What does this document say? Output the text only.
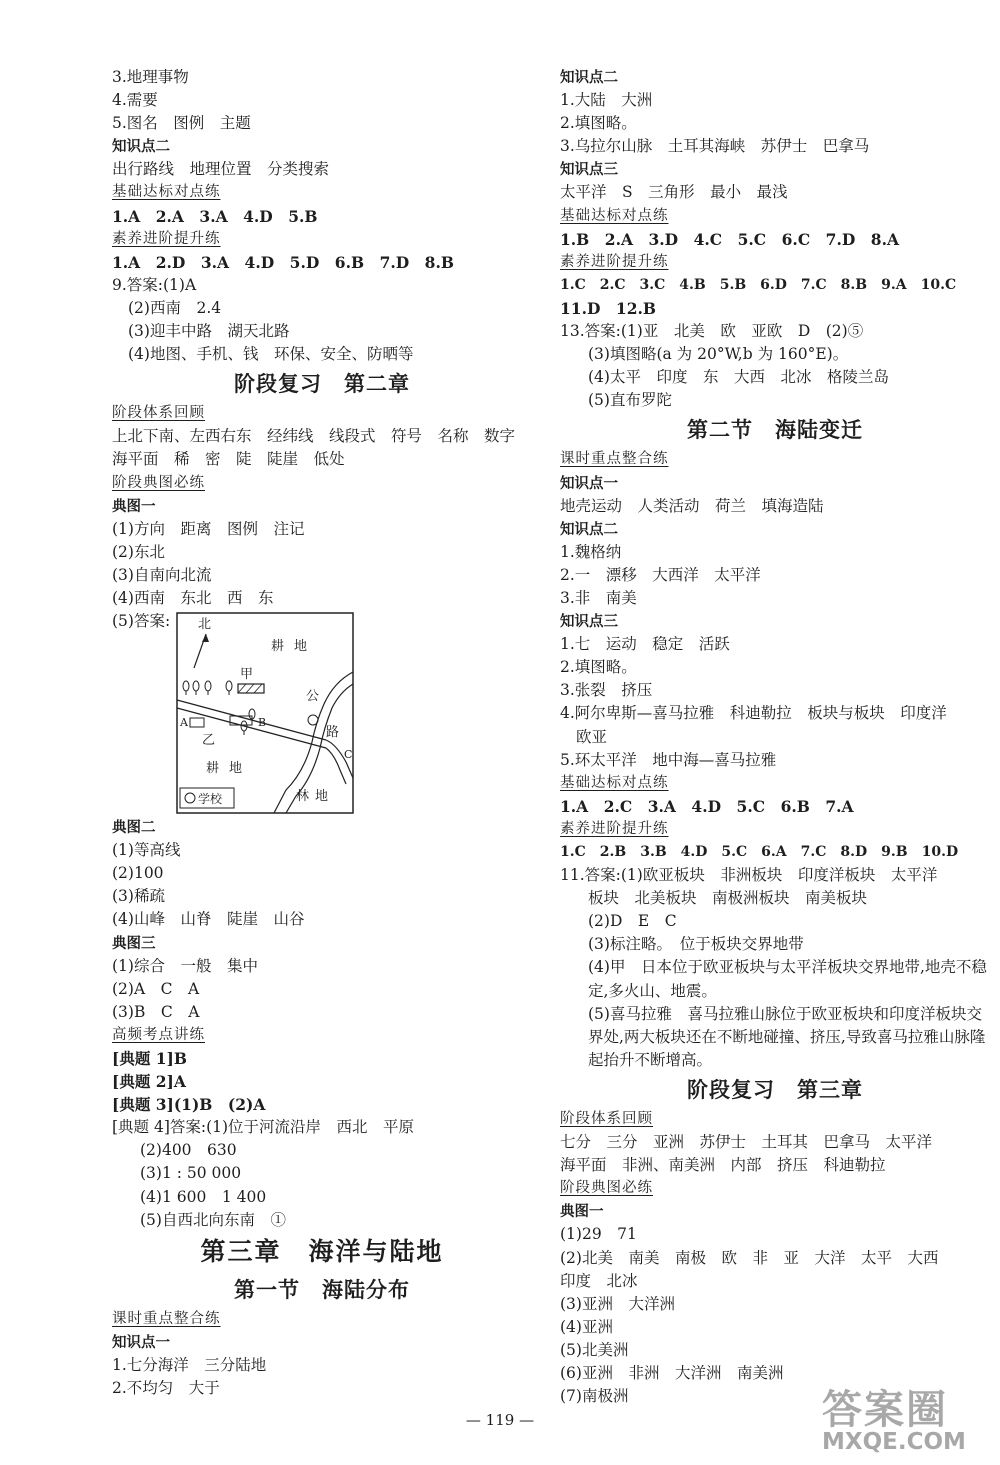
3.地理事物
4.需要
5.图名　图例　主题
知识点二
出行路线　地理位置　分类搜索
基础达标对点练
1.A　2.A　3.A　4.D　5.B
素养进阶提升练
1.A　2.D　3.A　4.D　5.D　6.B　7.D　8.B
9.答案:(1)A
(2)西南　2.4
(3)迎丰中路　湖天北路
(4)地图、手机、钱　环保、安全、防晒等
阶段复习　第二章
阶段体系回顾
上北下南、左西右东　经纬线　线段式　符号　名称　数字
海平面　稀　密　陡　陡崖　低处
阶段典图必练
典图一
(1)方向　距离　图例　注记
(2)东北
(3)自南向北流
(4)西南　东北　西　东
(5)答案: 北
耕地
甲
公
路
A	B
乙
C
耕地
林地
学校
典图二
(1)等高线
(2)100
(3)稀疏
(4)山峰　山脊　陡崖　山谷
典图三
(1)综合　一般　集中
(2)A　C　A
(3)B　C　A
高频考点讲练
[典题 1]B
[典题 2]A
[典题 3](1)B　(2)A
[典题 4]答案:(1)位于河流沿岸　西北　平原
(2)400　630
(3)1 : 50 000
(4)1 600　1 400
(5)自西北向东南　①
第三章　海洋与陆地
第一节　海陆分布
课时重点整合练
知识点一
1.七分海洋　三分陆地
2.不均匀　大于
知识点二
1.大陆　大洲
2.填图略。
3.乌拉尔山脉　土耳其海峡　苏伊士　巴拿马
知识点三
太平洋　S　三角形　最小　最浅
基础达标对点练
1.B　2.A　3.D　4.C　5.C　6.C　7.D　8.A
素养进阶提升练
1.C　2.C　3.C　4.B　5.B　6.D　7.C　8.B　9.A　10.C
11.D　12.B
13.答案:(1)亚　北美　欧　亚欧　D　(2)⑤
(3)填图略(a 为 20°W,b 为 160°E)。
(4)太平　印度　东　大西　北冰　格陵兰岛
(5)直布罗陀
第二节　海陆变迁
课时重点整合练
知识点一
地壳运动　人类活动　荷兰　填海造陆
知识点二
1.魏格纳
2.一　漂移　大西洋　太平洋
3.非　南美
知识点三
1.七　运动　稳定　活跃
2.填图略。
3.张裂　挤压
4.阿尔卑斯—喜马拉雅　科迪勒拉　板块与板块　印度洋
欧亚
5.环太平洋　地中海—喜马拉雅
基础达标对点练
1.A　2.C　3.A　4.D　5.C　6.B　7.A
素养进阶提升练
1.C　2.B　3.B　4.D　5.C　6.A　7.C　8.D　9.B　10.D
11.答案:(1)欧亚板块　非洲板块　印度洋板块　太平洋
板块　北美板块　南极洲板块　南美板块
(2)D　E　C
(3)标注略。　位于板块交界地带
(4)甲　日本位于欧亚板块与太平洋板块交界地带,地壳不稳定,多火山、地震。
(5)喜马拉雅　喜马拉雅山脉位于欧亚板块和印度洋板块交界处,两大板块还在不断地碰撞、挤压,导致喜马拉雅山脉隆起抬升不断增高。
阶段复习　第三章
阶段体系回顾
七分　三分　亚洲　苏伊士　土耳其　巴拿马　太平洋
海平面　非洲、南美洲　内部　挤压　科迪勒拉
阶段典图必练
典图一
(1)29　71
(2)北美　南美　南极　欧　非　亚　大洋　太平　大西
印度　北冰
(3)亚洲　大洋洲
(4)亚洲
(5)北美洲
(6)亚洲　非洲　大洋洲　南美洲
(7)南极洲
— 119 —	答案圈
MXQE.COM
